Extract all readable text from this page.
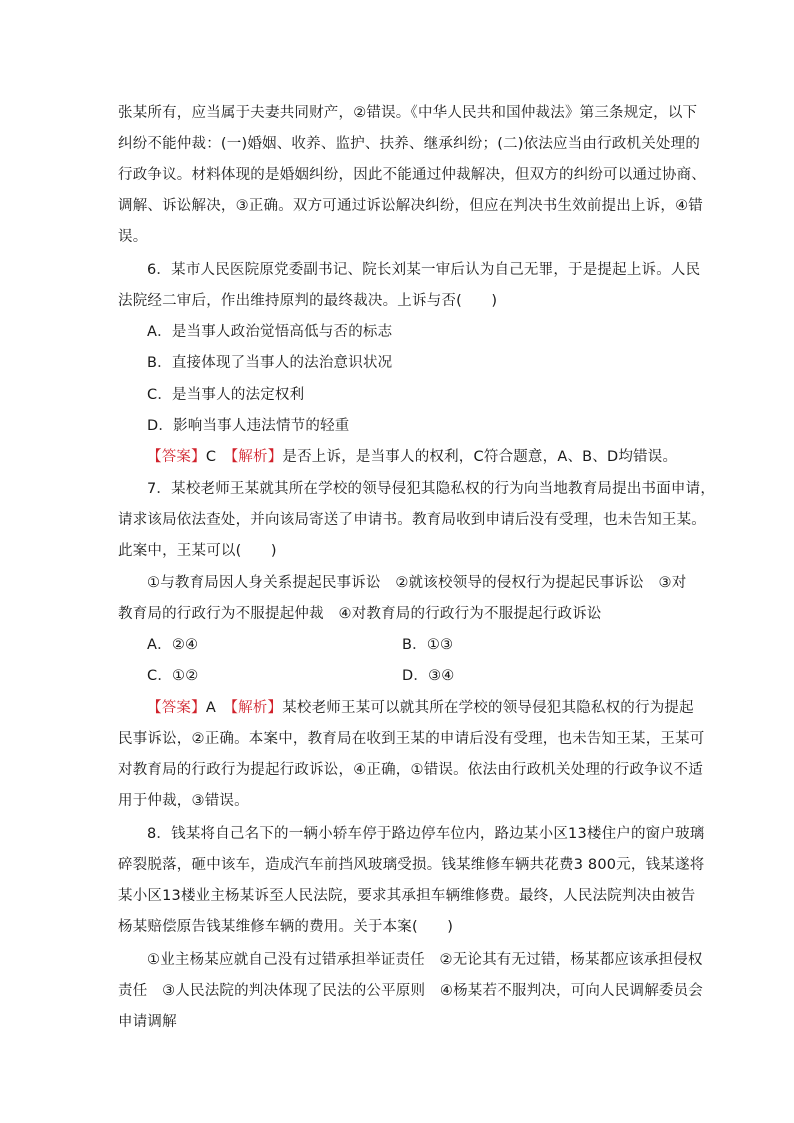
张某所有，应当属于夫妻共同财产，②错误。《中华人民共和国仲裁法》第三条规定，以下
纠纷不能仲裁：(一)婚姻、收养、监护、扶养、继承纠纷；(二)依法应当由行政机关处理的
行政争议。材料体现的是婚姻纠纷，因此不能通过仲裁解决，但双方的纠纷可以通过协商、
调解、诉讼解决，③正确。双方可通过诉讼解决纠纷，但应在判决书生效前提出上诉，④错
误。
6．某市人民医院原党委副书记、院长刘某一审后认为自己无罪，于是提起上诉。人民
法院经二审后，作出维持原判的最终裁决。上诉与否(　　)
A．是当事人政治觉悟高低与否的标志
B．直接体现了当事人的法治意识状况
C．是当事人的法定权利
D．影响当事人违法情节的轻重
【答案】C　【解析】是否上诉，是当事人的权利，C符合题意，A、B、D均错误。
7．某校老师王某就其所在学校的领导侵犯其隐私权的行为向当地教育局提出书面申请，
请求该局依法查处，并向该局寄送了申请书。教育局收到申请后没有受理，也未告知王某。
此案中，王某可以(　　)
①与教育局因人身关系提起民事诉讼　②就该校领导的侵权行为提起民事诉讼　③对
教育局的行政行为不服提起仲裁　④对教育局的行政行为不服提起行政诉讼
A．②④	B．①③
C．①②	D．③④
【答案】A　【解析】某校老师王某可以就其所在学校的领导侵犯其隐私权的行为提起
民事诉讼，②正确。本案中，教育局在收到王某的申请后没有受理，也未告知王某，王某可
对教育局的行政行为提起行政诉讼，④正确，①错误。依法由行政机关处理的行政争议不适
用于仲裁，③错误。
8．钱某将自己名下的一辆小轿车停于路边停车位内，路边某小区13楼住户的窗户玻璃
碎裂脱落，砸中该车，造成汽车前挡风玻璃受损。钱某维修车辆共花费3 800元，钱某遂将
某小区13楼业主杨某诉至人民法院，要求其承担车辆维修费。最终，人民法院判决由被告
杨某赔偿原告钱某维修车辆的费用。关于本案(　　)
①业主杨某应就自己没有过错承担举证责任　②无论其有无过错，杨某都应该承担侵权
责任　③人民法院的判决体现了民法的公平原则　④杨某若不服判决，可向人民调解委员会
申请调解
